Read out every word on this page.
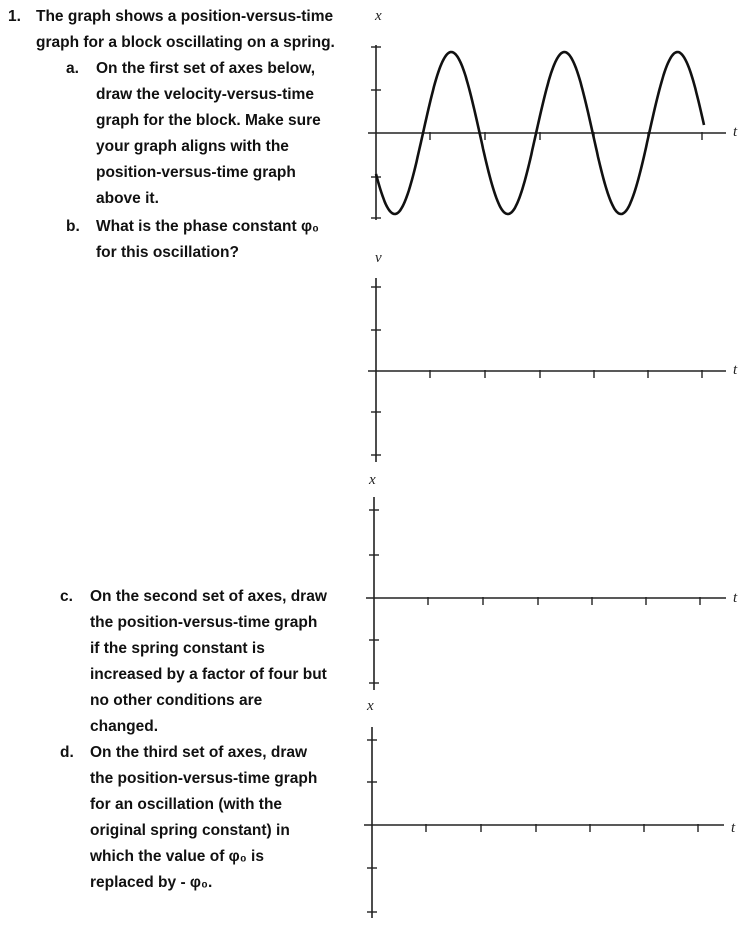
1. The graph shows a position-versus-time
graph for a block oscillating on a spring.
a. On the first set of axes below,
draw the velocity-versus-time
graph for the block. Make sure
your graph aligns with the
position-versus-time graph
above it.
b. What is the phase constant φ₀
for this oscillation?
c. On the second set of axes, draw
the position-versus-time graph
if the spring constant is
increased by a factor of four but
no other conditions are
changed.
d. On the third set of axes, draw
the position-versus-time graph
for an oscillation (with the
original spring constant) in
which the value of φ₀ is
replaced by - φ₀.
x
t
v
t
x
t
x
t
